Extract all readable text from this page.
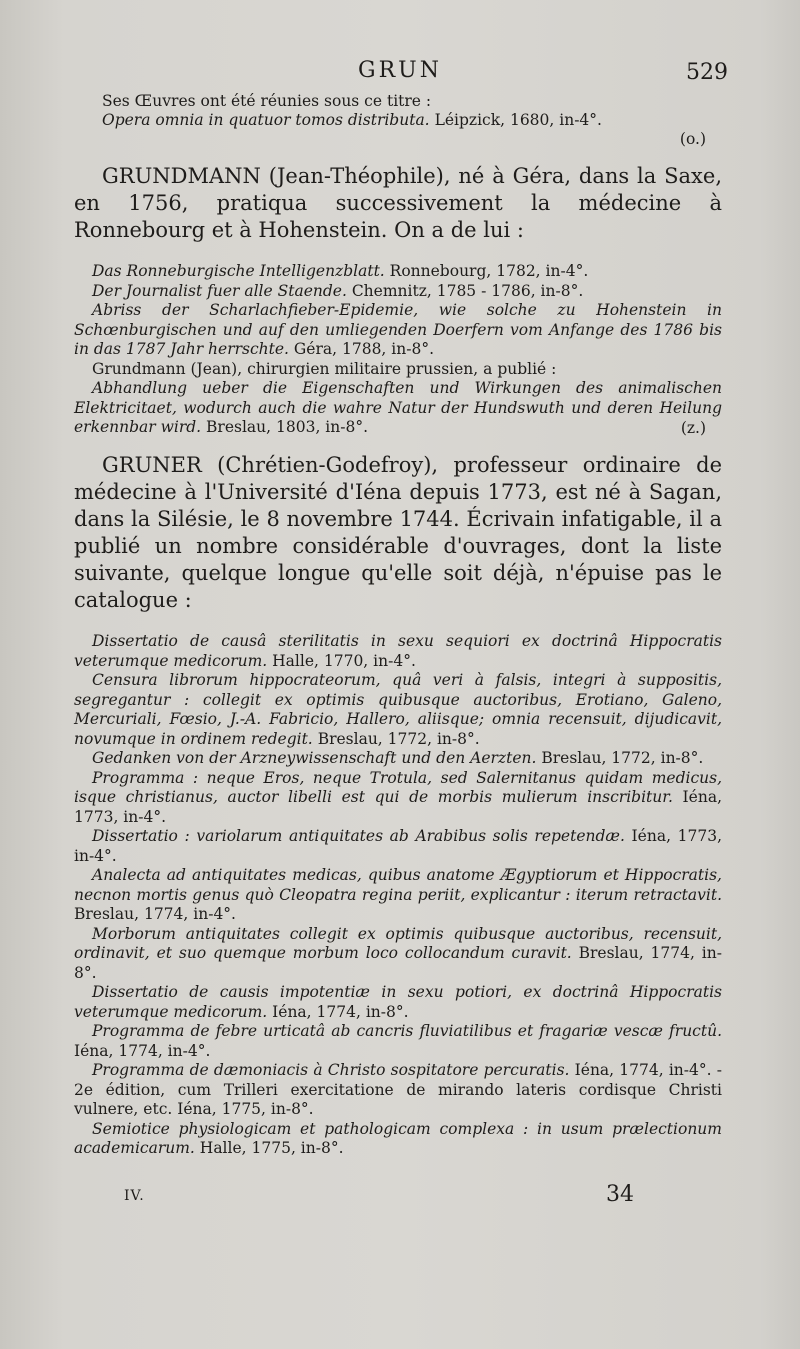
GRUN	529

Ses Œuvres ont été réunies sous ce titre :

Opera omnia in quatuor tomos distributa. Léipzick, 1680, in-4°.

(o.)

GRUNDMANN (Jean-Théophile), né à Géra, dans la Saxe, en 1756, pratiqua successivement la médecine à Ronnebourg et à Hohenstein. On a de lui :

Das Ronneburgische Intelligenzblatt. Ronnebourg, 1782, in-4°.

Der Journalist fuer alle Staende. Chemnitz, 1785 - 1786, in-8°.

Abriss der Scharlachfieber-Epidemie, wie solche zu Hohenstein in Schœnburgischen und auf den umliegenden Doerfern vom Anfange des 1786 bis in das 1787 Jahr herrschte. Géra, 1788, in-8°.

Grundmann (Jean), chirurgien militaire prussien, a publié :

Abhandlung ueber die Eigenschaften und Wirkungen des animalischen Elektricitaet, wodurch auch die wahre Natur der Hundswuth und deren Heilung erkennbar wird. Breslau, 1803, in-8°.	(z.)

GRUNER (Chrétien-Godefroy), professeur ordinaire de médecine à l'Université d'Iéna depuis 1773, est né à Sagan, dans la Silésie, le 8 novembre 1744. Écrivain infatigable, il a publié un nombre considérable d'ouvrages, dont la liste suivante, quelque longue qu'elle soit déjà, n'épuise pas le catalogue :

Dissertatio de causâ sterilitatis in sexu sequiori ex doctrinâ Hippocratis veterumque medicorum. Halle, 1770, in-4°.

Censura librorum hippocrateorum, quâ veri à falsis, integri à suppositis, segregantur : collegit ex optimis quibusque auctoribus, Erotiano, Galeno, Mercuriali, Fœsio, J.-A. Fabricio, Hallero, aliisque; omnia recensuit, dijudicavit, novumque in ordinem redegit. Breslau, 1772, in-8°.

Gedanken von der Arzneywissenschaft und den Aerzten. Breslau, 1772, in-8°.

Programma : neque Eros, neque Trotula, sed Salernitanus quidam medicus, isque christianus, auctor libelli est qui de morbis mulierum inscribitur. Iéna, 1773, in-4°.

Dissertatio : variolarum antiquitates ab Arabibus solis repetendæ. Iéna, 1773, in-4°.

Analecta ad antiquitates medicas, quibus anatome Ægyptiorum et Hippocratis, necnon mortis genus quò Cleopatra regina periit, explicantur : iterum retractavit. Breslau, 1774, in-4°.

Morborum antiquitates collegit ex optimis quibusque auctoribus, recensuit, ordinavit, et suo quemque morbum loco collocandum curavit. Breslau, 1774, in-8°.

Dissertatio de causis impotentiæ in sexu potiori, ex doctrinâ Hippocratis veterumque medicorum. Iéna, 1774, in-8°.

Programma de febre urticatâ ab cancris fluviatilibus et fragariæ vescæ fructû. Iéna, 1774, in-4°.

Programma de dæmoniacis à Christo sospitatore percuratis. Iéna, 1774, in-4°. - 2e édition, cum Trilleri exercitatione de mirando lateris cordisque Christi vulnere, etc. Iéna, 1775, in-8°.

Semiotice physiologicam et pathologicam complexa : in usum prælectionum academicarum. Halle, 1775, in-8°.

IV.	34
